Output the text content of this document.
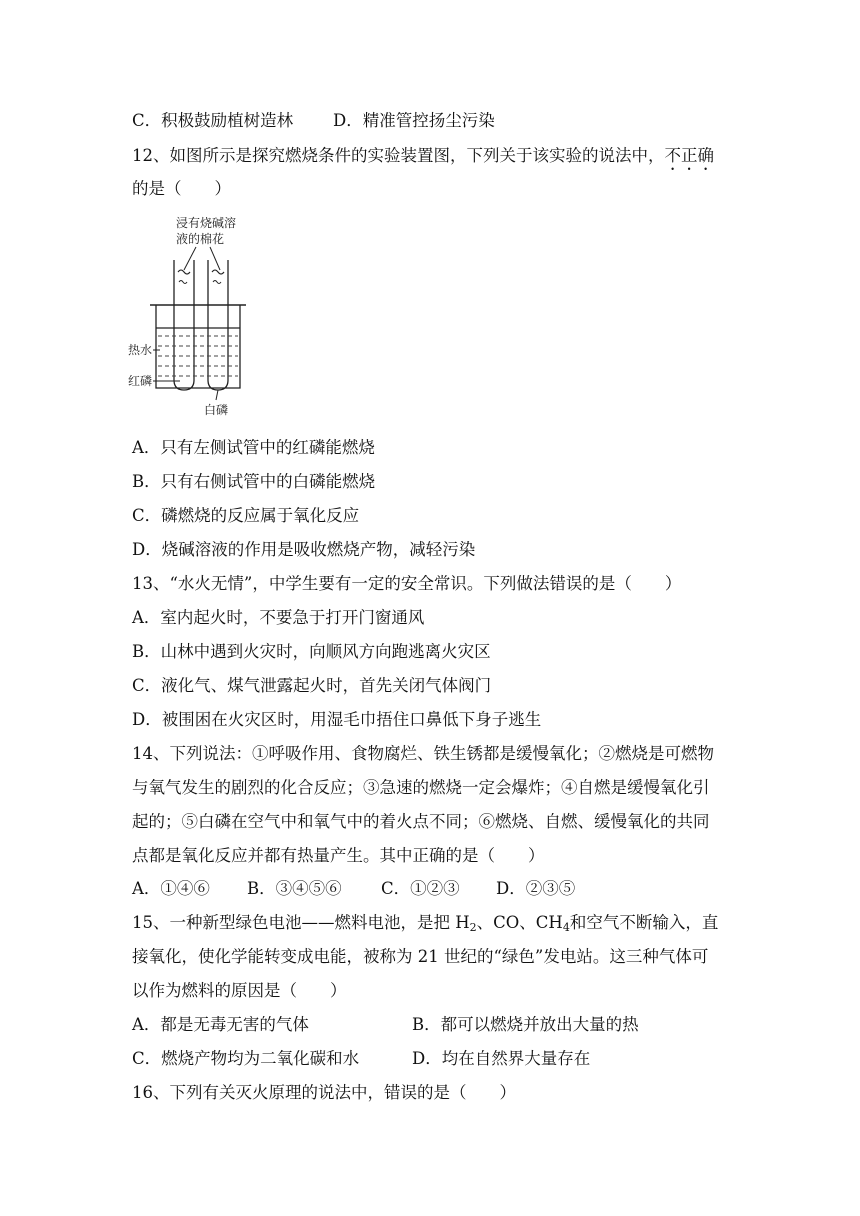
C．积极鼓励植树造林 D．精准管控扬尘污染
12、如图所示是探究燃烧条件的实验装置图，下列关于该实验的说法中，不正确
的是（　　）
浸有烧碱溶
液的棉花
热水
红磷
白磷
A．只有左侧试管中的红磷能燃烧
B．只有右侧试管中的白磷能燃烧
C．磷燃烧的反应属于氧化反应
D．烧碱溶液的作用是吸收燃烧产物，减轻污染
13、“水火无情”，中学生要有一定的安全常识。下列做法错误的是（　　）
A．室内起火时，不要急于打开门窗通风
B．山林中遇到火灾时，向顺风方向跑逃离火灾区
C．液化气、煤气泄露起火时，首先关闭气体阀门
D．被围困在火灾区时，用湿毛巾捂住口鼻低下身子逃生
14、下列说法：①呼吸作用、食物腐烂、铁生锈都是缓慢氧化；②燃烧是可燃物
与氧气发生的剧烈的化合反应；③急速的燃烧一定会爆炸；④自燃是缓慢氧化引
起的；⑤白磷在空气中和氧气中的着火点不同；⑥燃烧、自燃、缓慢氧化的共同
点都是氧化反应并都有热量产生。其中正确的是（　　）
A．①④⑥ B．③④⑤⑥ C．①②③ D．②③⑤
15、一种新型绿色电池——燃料电池，是把 $H_2$、CO、$CH_4$和空气不断输入，直
接氧化，使化学能转变成电能，被称为 21 世纪的“绿色”发电站。这三种气体可
以作为燃料的原因是（　　）
A．都是无毒无害的气体	B．都可以燃烧并放出大量的热
C．燃烧产物均为二氧化碳和水	D．均在自然界大量存在
16、下列有关灭火原理的说法中，错误的是（　　）
